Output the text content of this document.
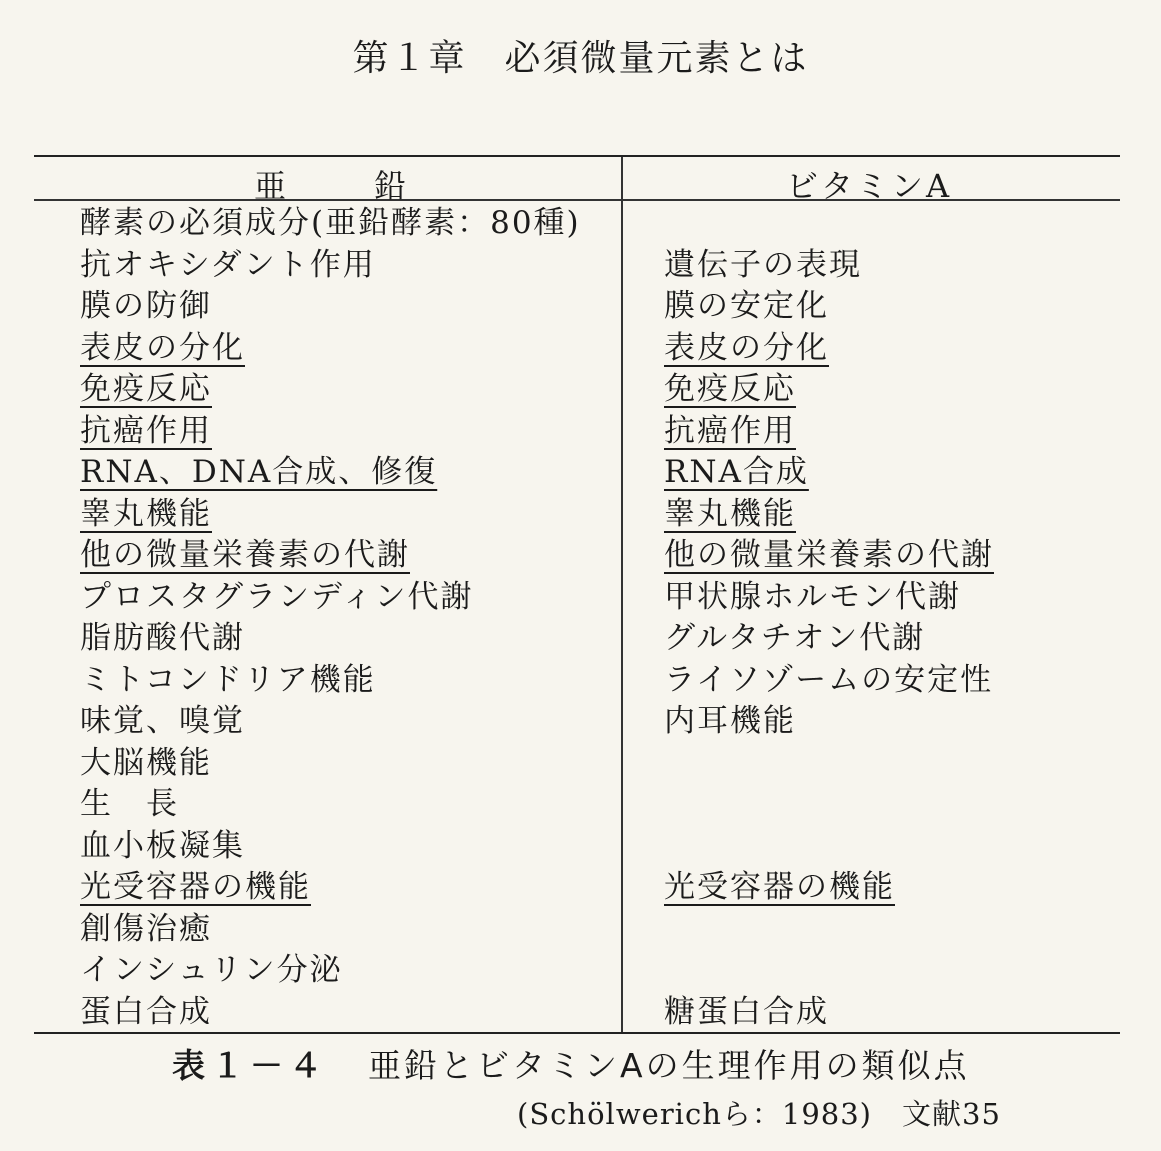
第１章　必須微量元素とは
亜鉛	ビタミンA
酵素の必須成分(亜鉛酵素：80種)
抗オキシダント作用
膜の防御
表皮の分化
免疫反応
抗癌作用
RNA、DNA合成、修復
睾丸機能
他の微量栄養素の代謝
プロスタグランディン代謝
脂肪酸代謝
ミトコンドリア機能
味覚、嗅覚
大脳機能
生　長
血小板凝集
光受容器の機能
創傷治癒
インシュリン分泌
蛋白合成
遺伝子の表現
膜の安定化
表皮の分化
免疫反応
抗癌作用
RNA合成
睾丸機能
他の微量栄養素の代謝
甲状腺ホルモン代謝
グルタチオン代謝
ライソゾームの安定性
内耳機能
光受容器の機能
糖蛋白合成
表１－４ 亜鉛とビタミンAの生理作用の類似点
(Schölwerichら：1983)　文献35
